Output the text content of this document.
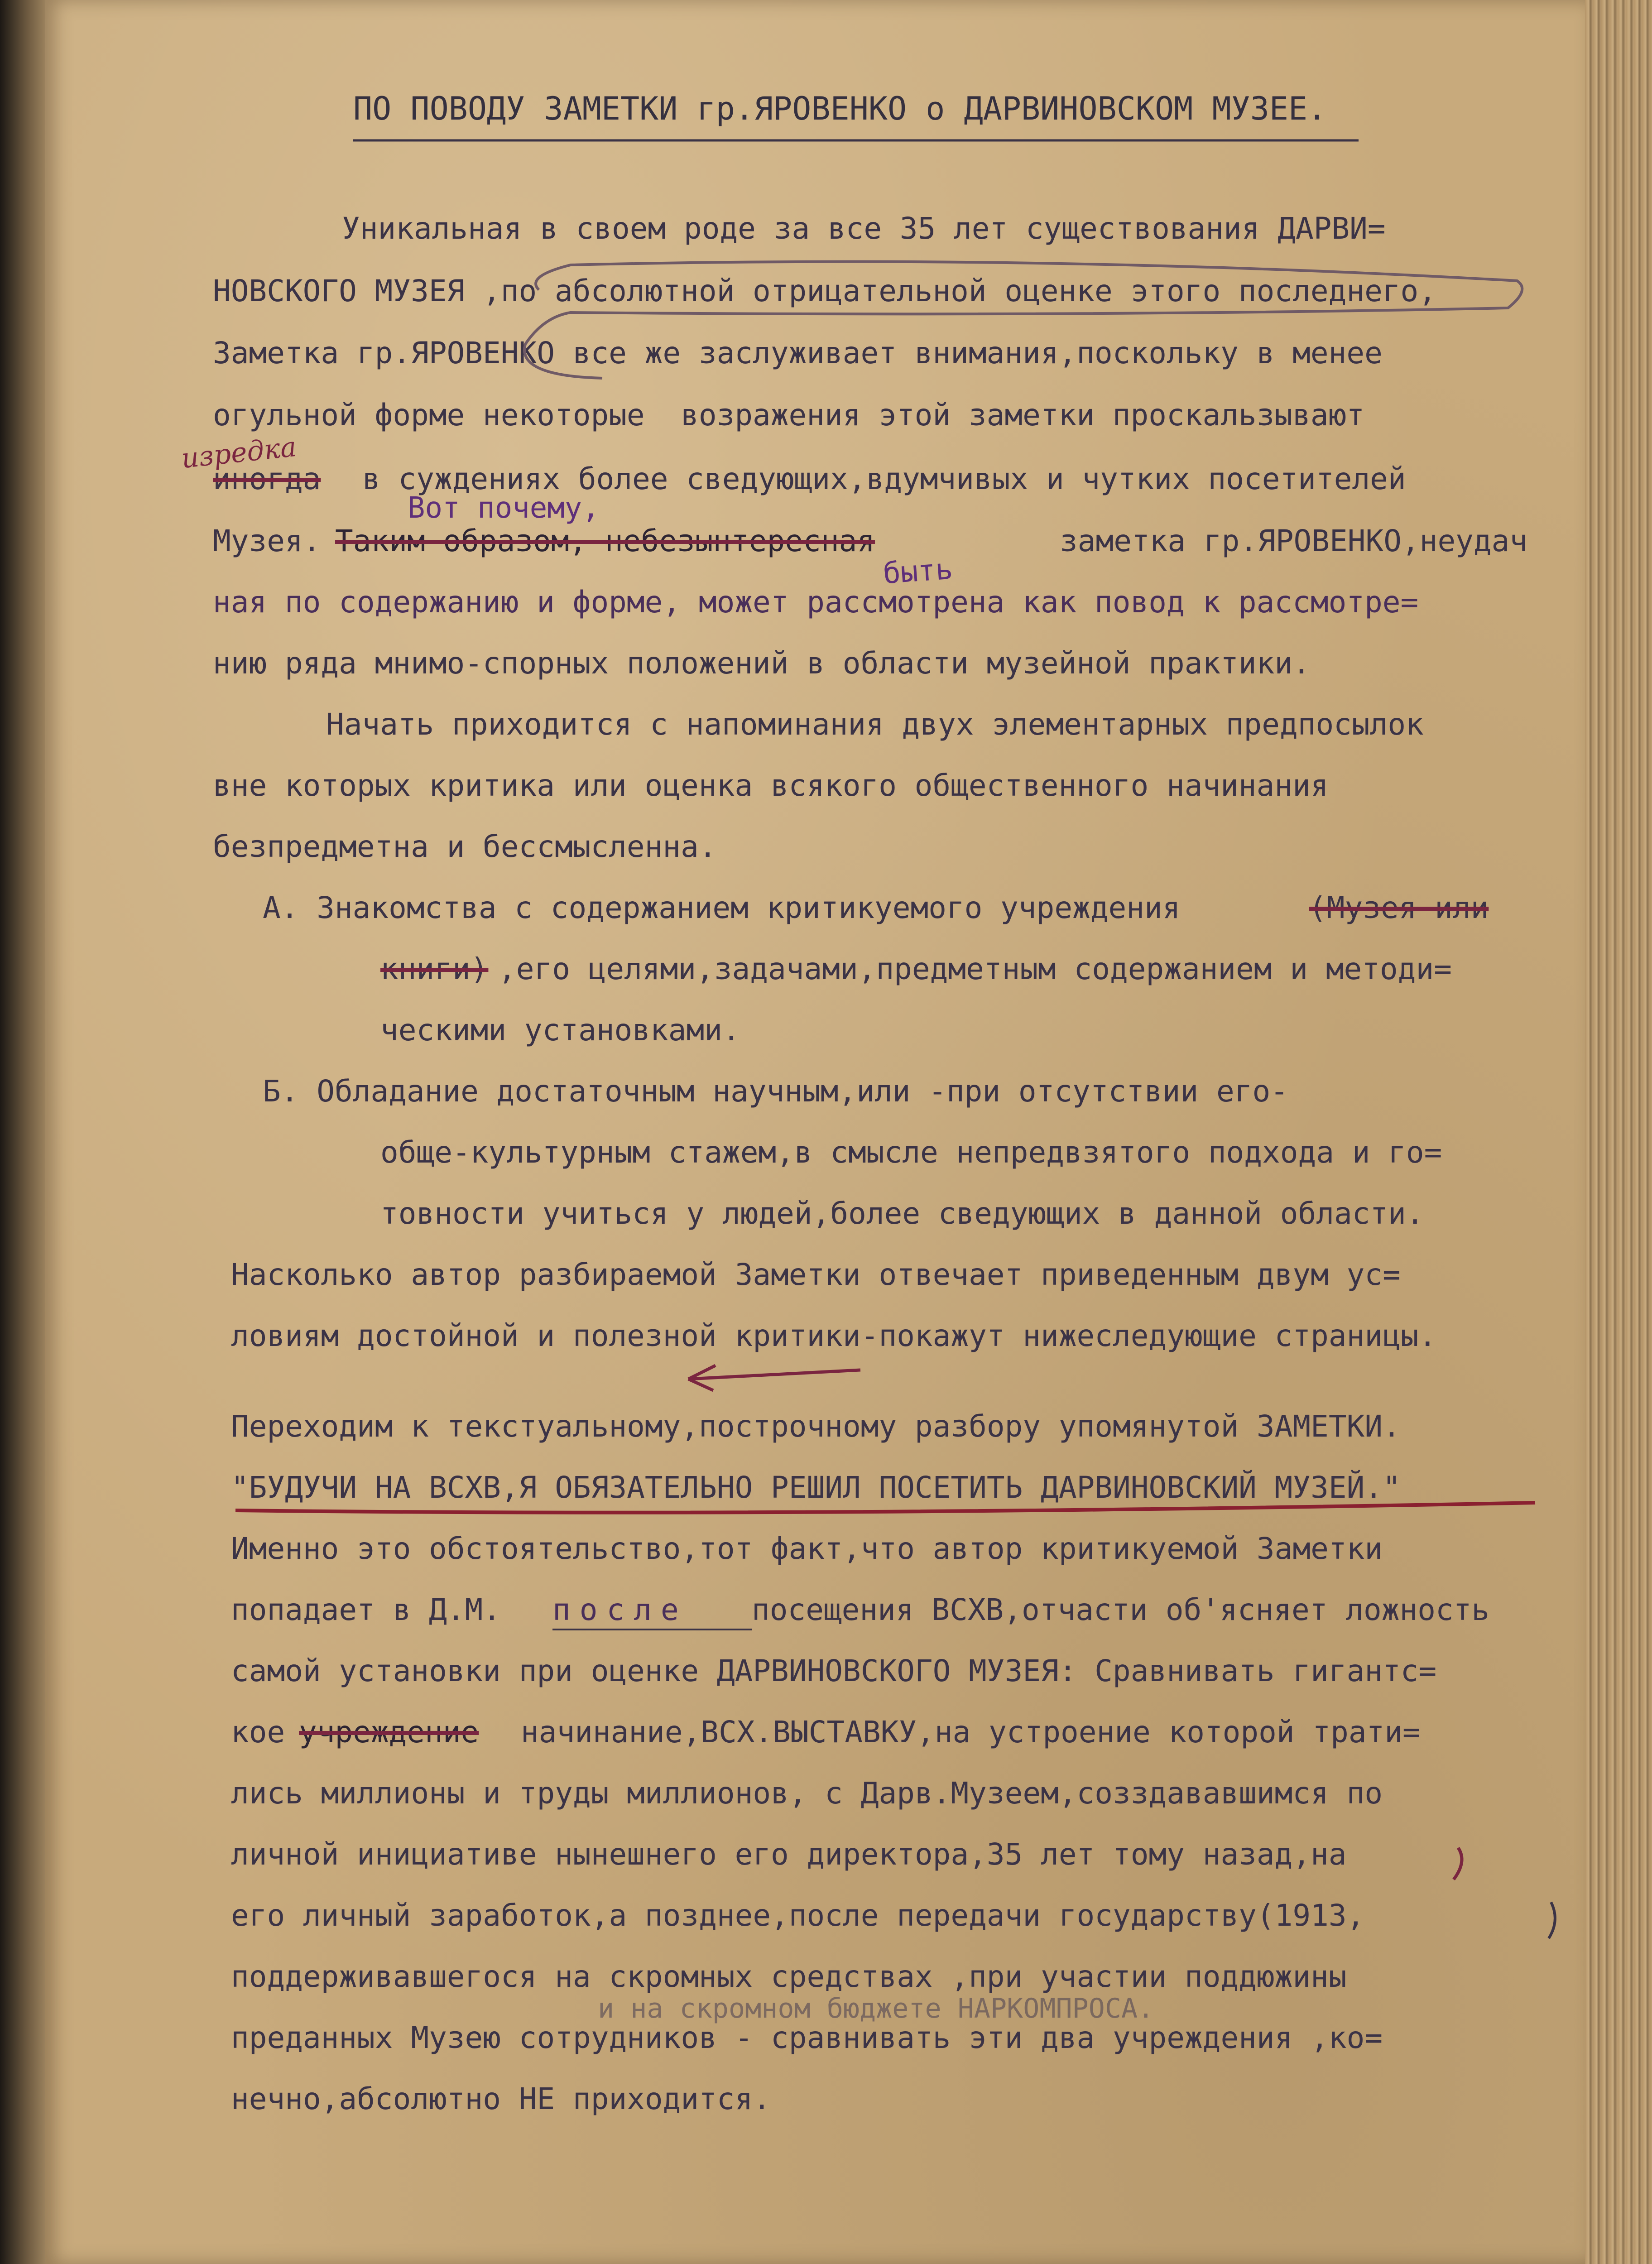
ПО ПОВОДУ ЗАМЕТКИ гр.ЯРОВЕНКО о ДАРВИНОВСКОМ МУЗЕЕ.
Уникальная в своем роде за все 35 лет существования ДАРВИ=
НОВСКОГО МУЗЕЯ ,по абсолютной отрицательной оценке этого последнего,
Заметка гр.ЯРОВЕНКО все же заслуживает внимания,поскольку в менее
огульной форме некоторые  возражения этой заметки проскальзывают
изредка
иногда в суждениях более сведующих,вдумчивых и чутких посетителей
Вот почему,
Музея. Таким образом, небезынтересная	заметка гр.ЯРОВЕНКО,неудач
быть
ная по содержанию и форме, может рассмотрена как повод к рассмотре=
нию ряда мнимо-спорных положений в области музейной практики.
Начать приходится с напоминания двух элементарных предпосылок
вне которых критика или оценка всякого общественного начинания
безпредметна и бессмысленна.
А. Знакомства с содержанием критикуемого учреждения	(Музея или
книги) ,его целями,задачами,предметным содержанием и методи=
ческими установками.
Б. Обладание достаточным научным,или -при отсутствии его-
обще-культурным стажем,в смысле непредвзятого подхода и го=
товности учиться у людей,более сведующих в данной области.
Насколько автор разбираемой Заметки отвечает приведенным двум ус=
ловиям достойной и полезной критики-покажут нижеследующие страницы.
Переходим к текстуальному,построчному разбору упомянутой ЗАМЕТКИ.
"БУДУЧИ НА ВСХВ,Я ОБЯЗАТЕЛЬНО РЕШИЛ ПОСЕТИТЬ ДАРВИНОВСКИЙ МУЗЕЙ."
Именно это обстоятельство,тот факт,что автор критикуемой Заметки
попадает в Д.М. после посещения ВСХВ,отчасти об'ясняет ложность
самой установки при оценке ДАРВИНОВСКОГО МУЗЕЯ: Сравнивать гигантс=
кое учреждение начинание,ВСХ.ВЫСТАВКУ,на устроение которой трати=
лись миллионы и труды миллионов, с Дарв.Музеем,созздававшимся по
личной инициативе нынешнего его директора,35 лет тому назад,на
его личный заработок,а позднее,после передачи государству(1913,
поддерживавшегося на скромных средствах ,при участии поддюжины
и на скромном бюджете НАРКОМПРОСА.
преданных Музею сотрудников - сравнивать эти два учреждения ,ко=
нечно,абсолютно НЕ приходится.
